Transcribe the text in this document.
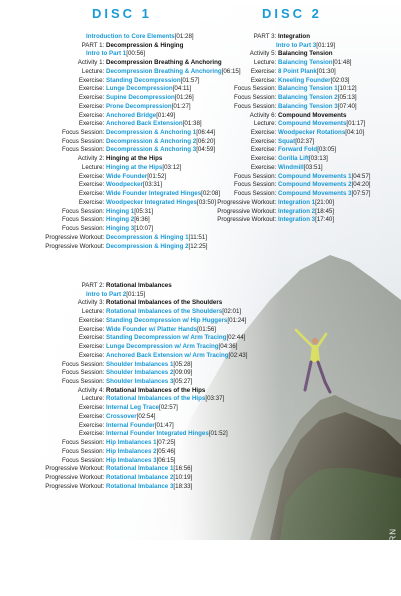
DISC 1
Introduction to Core Elements[01:28]
PART 1: Decompression & Hinging
Intro to Part 1[00:56]
Activity 1: Decompression Breathing & Anchoring
Lecture: Decompression Breathing & Anchoring[06:15]
Exercise: Standing Decompression[01:57]
Exercise: Lunge Decompression[04:11]
Exercise: Supine Decompression[01:26]
Exercise: Prone Decompression[01:27]
Exercise: Anchored Bridge[01:49]
Exercise: Anchored Back Extension[01:38]
Focus Session: Decompression & Anchoring 1[06:44]
Focus Session: Decompression & Anchoring 2[06:20]
Focus Session: Decompression & Anchoring 3[04:59]
Activity 2: Hinging at the Hips
Lecture: Hinging at the Hips[03:12]
Exercise: Wide Founder[01:52]
Exercise: Woodpecker[03:31]
Exercise: Wide Founder Integrated Hinges[02:08]
Exercise: Woodpecker Integrated Hinges[03:50]
Focus Session: Hinging 1[05:31]
Focus Session: Hinging 2[6:36]
Focus Session: Hinging 3[10:07]
Progressive Workout: Decompression & Hinging 1[11:51]
Progressive Workout: Decompression & Hinging 2[12:25]
PART 2: Rotational Imbalances
Intro to Part 2[01:15]
Activity 3: Rotational Imbalances of the Shoulders
Lecture: Rotational Imbalances of the Shoulders[02:01]
Exercise: Standing Decompression w/ Hip Huggers[01:24]
Exercise: Wide Founder w/ Platter Hands[01:56]
Exercise: Standing Decompression w/ Arm Tracing[02:44]
Exercise: Lunge Decompression w/ Arm Tracing[04:36]
Exercise: Anchored Back Extension w/ Arm Tracing[02:43]
Focus Session: Shoulder Imbalances 1[05:28]
Focus Session: Shoulder Imbalances 2[09:09]
Focus Session: Shoulder Imbalances 3[05:27]
Activity 4: Rotational Imbalances of the Hips
Lecture: Rotational Imbalances of the Hips[03:37]
Exercise: Internal Leg Trace[02:57]
Exercise: Crossover[02:54]
Exercise: Internal Founder[01:47]
Exercise: Internal Founder Integrated Hinges[01:52]
Focus Session: Hip Imbalances 1[07:25]
Focus Session: Hip Imbalances 2[05:46]
Focus Session: Hip Imbalances 3[06:15]
Progressive Workout: Rotational Imbalance 1[16:56]
Progressive Workout: Rotational Imbalance 2[10:19]
Progressive Workout: Rotational Imbalance 3[18:33]
DISC 2
PART 3: Integration
Intro to Part 3[01:19]
Activity 5: Balancing Tension
Lecture: Balancing Tension[01:48]
Exercise: 8 Point Plank[01:30]
Exercise: Kneeling Founder[02:03]
Focus Session: Balancing Tension 1[10:12]
Focus Session: Balancing Tension 2[05:13]
Focus Session: Balancing Tension 3[07:40]
Activity 6: Compound Movements
Lecture: Compound Movements[01:17]
Exercise: Woodpecker Rotations[04:10]
Exercise: Squat[02:37]
Exercise: Forward Fold[03:05]
Exercise: Gorilla Lift[03:13]
Exercise: Windmill[03:51]
Focus Session: Compound Movements 1[04:57]
Focus Session: Compound Movements 2[04:20]
Focus Session: Compound Movements 3[07:57]
Progressive Workout: Integration 1[21:00]
Progressive Workout: Integration 2[18:45]
Progressive Workout: Integration 3[17:40]
WANDERBORN
